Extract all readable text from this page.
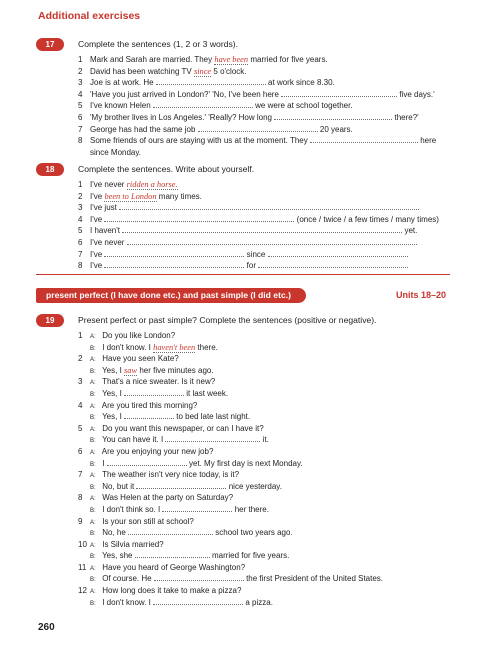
Additional exercises
17	Complete the sentences (1, 2 or 3 words).
1 Mark and Sarah are married. They have been married for five years.
2 David has been watching TV since 5 o'clock.
3 Joe is at work. He	at work since 8.30.
4 'Have you just arrived in London?' 'No, I've been here	five days.'
5 I've known Helen	we were at school together.
6 'My brother lives in Los Angeles.' 'Really? How long	there?'
7 George has had the same job	20 years.
8 Some friends of ours are staying with us at the moment. They	here
since Monday.
18	Complete the sentences. Write about yourself.
1 I've never ridden a horse.
2 I've been to London many times.
3 I've just
4 I've	(once / twice / a few times / many times)
5 I haven't	yet.
6 I've never
7 I've	since
8 I've	for
present perfect (I have done etc.) and past simple (I did etc.)	Units 18–20
19	Present perfect or past simple? Complete the sentences (positive or negative).
1	A: Do you like London?
B: I don't know. I haven't been there.
2	A: Have you seen Kate?
B: Yes, I saw her five minutes ago.
3	A: That's a nice sweater. Is it new?
B: Yes, I	it last week.
4	A: Are you tired this morning?
B: Yes, I	to bed late last night.
5	A: Do you want this newspaper, or can I have it?
B: You can have it. I	it.
6	A: Are you enjoying your new job?
B: I	yet. My first day is next Monday.
7	A: The weather isn't very nice today, is it?
B: No, but it	nice yesterday.
8	A: Was Helen at the party on Saturday?
B: I don't think so. I	her there.
9	A: Is your son still at school?
B: No, he	school two years ago.
10 A: Is Silvia married?
B: Yes, she	married for five years.
11 A: Have you heard of George Washington?
B: Of course. He	the first President of the United States.
12 A: How long does it take to make a pizza?
B: I don't know. I	a pizza.
260
